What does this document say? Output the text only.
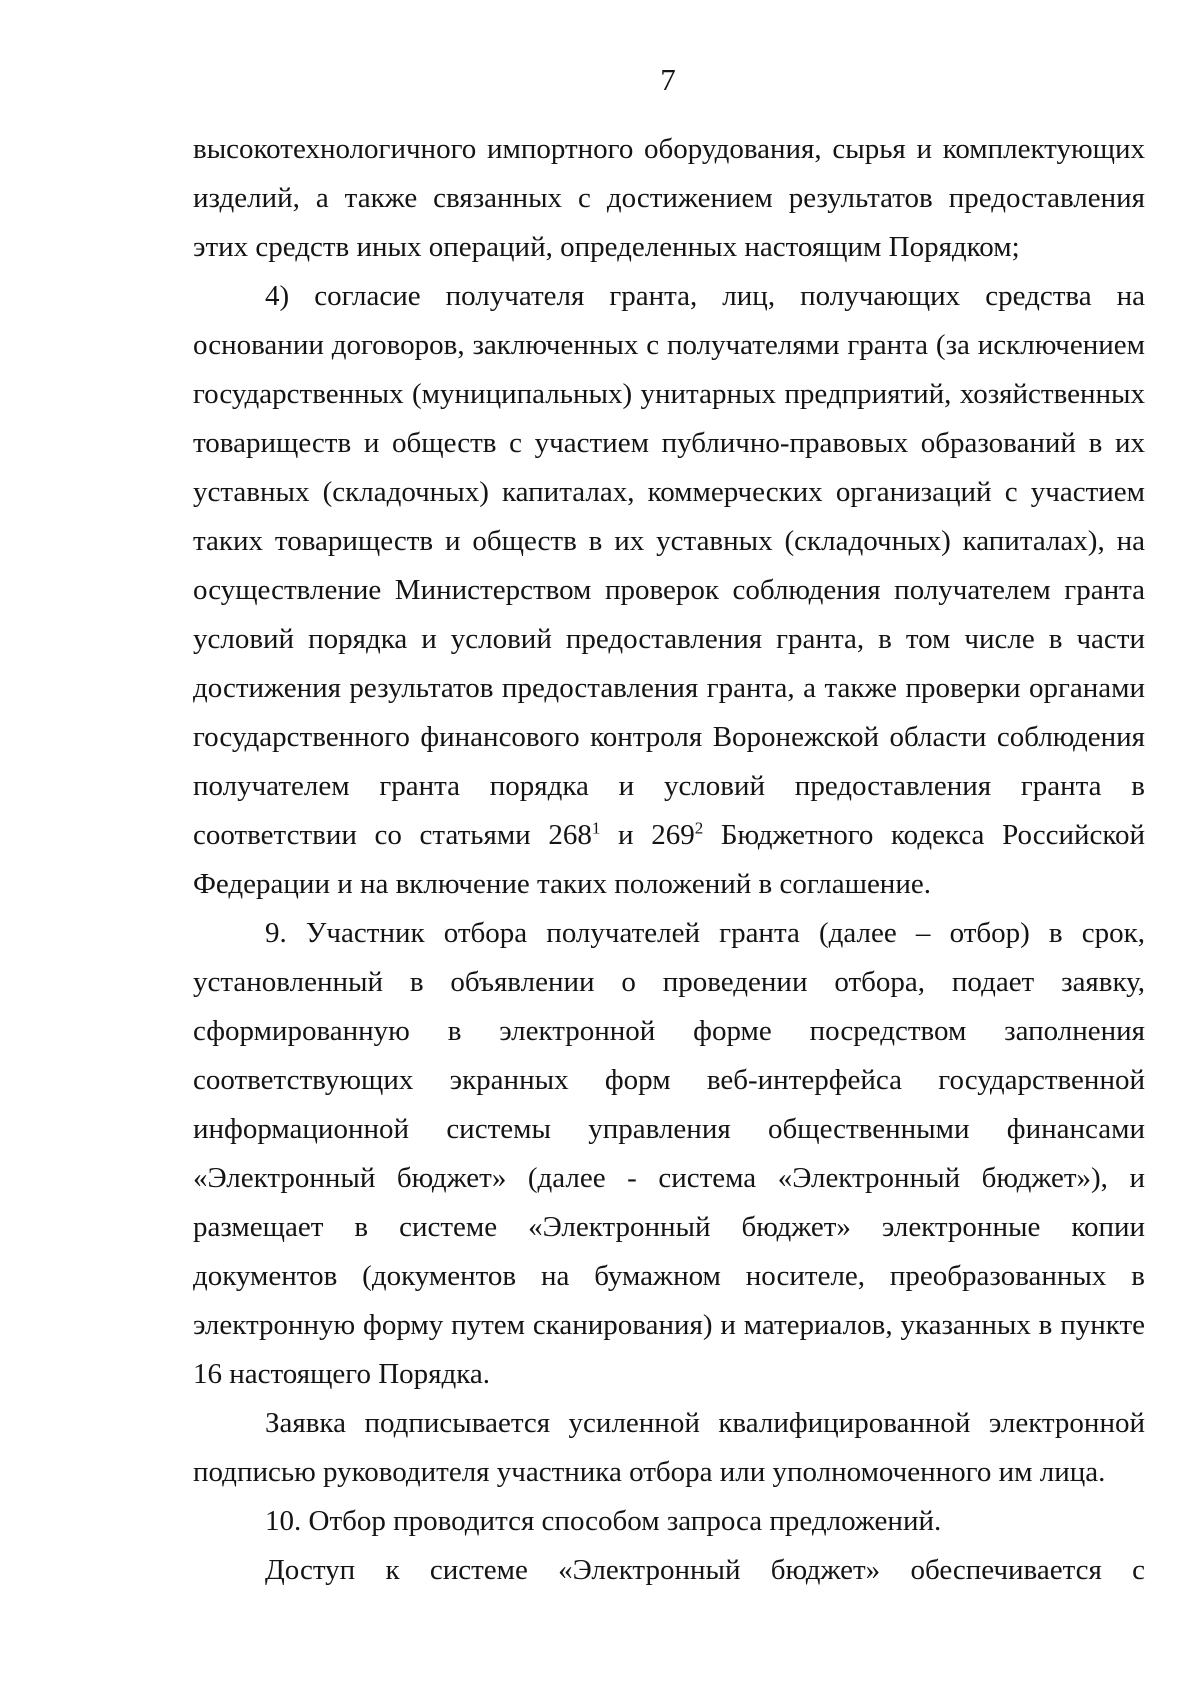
7

высокотехнологичного импортного оборудования, сырья и комплектующих изделий, а также связанных с достижением результатов предоставления этих средств иных операций, определенных настоящим Порядком;

4) согласие получателя гранта, лиц, получающих средства на основании договоров, заключенных с получателями гранта (за исключением государственных (муниципальных) унитарных предприятий, хозяйственных товариществ и обществ с участием публично-правовых образований в их уставных (складочных) капиталах, коммерческих организаций с участием таких товариществ и обществ в их уставных (складочных) капиталах), на осуществление Министерством проверок соблюдения получателем гранта условий порядка и условий предоставления гранта, в том числе в части достижения результатов предоставления гранта, а также проверки органами государственного финансового контроля Воронежской области соблюдения получателем гранта порядка и условий предоставления гранта в соответствии со статьями $268^1$ и $269^2$ Бюджетного кодекса Российской Федерации и на включение таких положений в соглашение.

9. Участник отбора получателей гранта (далее – отбор) в срок, установленный в объявлении о проведении отбора, подает заявку, сформированную в электронной форме посредством заполнения соответствующих экранных форм веб-интерфейса государственной информационной системы управления общественными финансами «Электронный бюджет» (далее - система «Электронный бюджет»), и размещает в системе «Электронный бюджет» электронные копии документов (документов на бумажном носителе, преобразованных в электронную форму путем сканирования) и материалов, указанных в пункте 16 настоящего Порядка.

Заявка подписывается усиленной квалифицированной электронной подписью руководителя участника отбора или уполномоченного им лица.

10. Отбор проводится способом запроса предложений.

Доступ к системе «Электронный бюджет» обеспечивается с
